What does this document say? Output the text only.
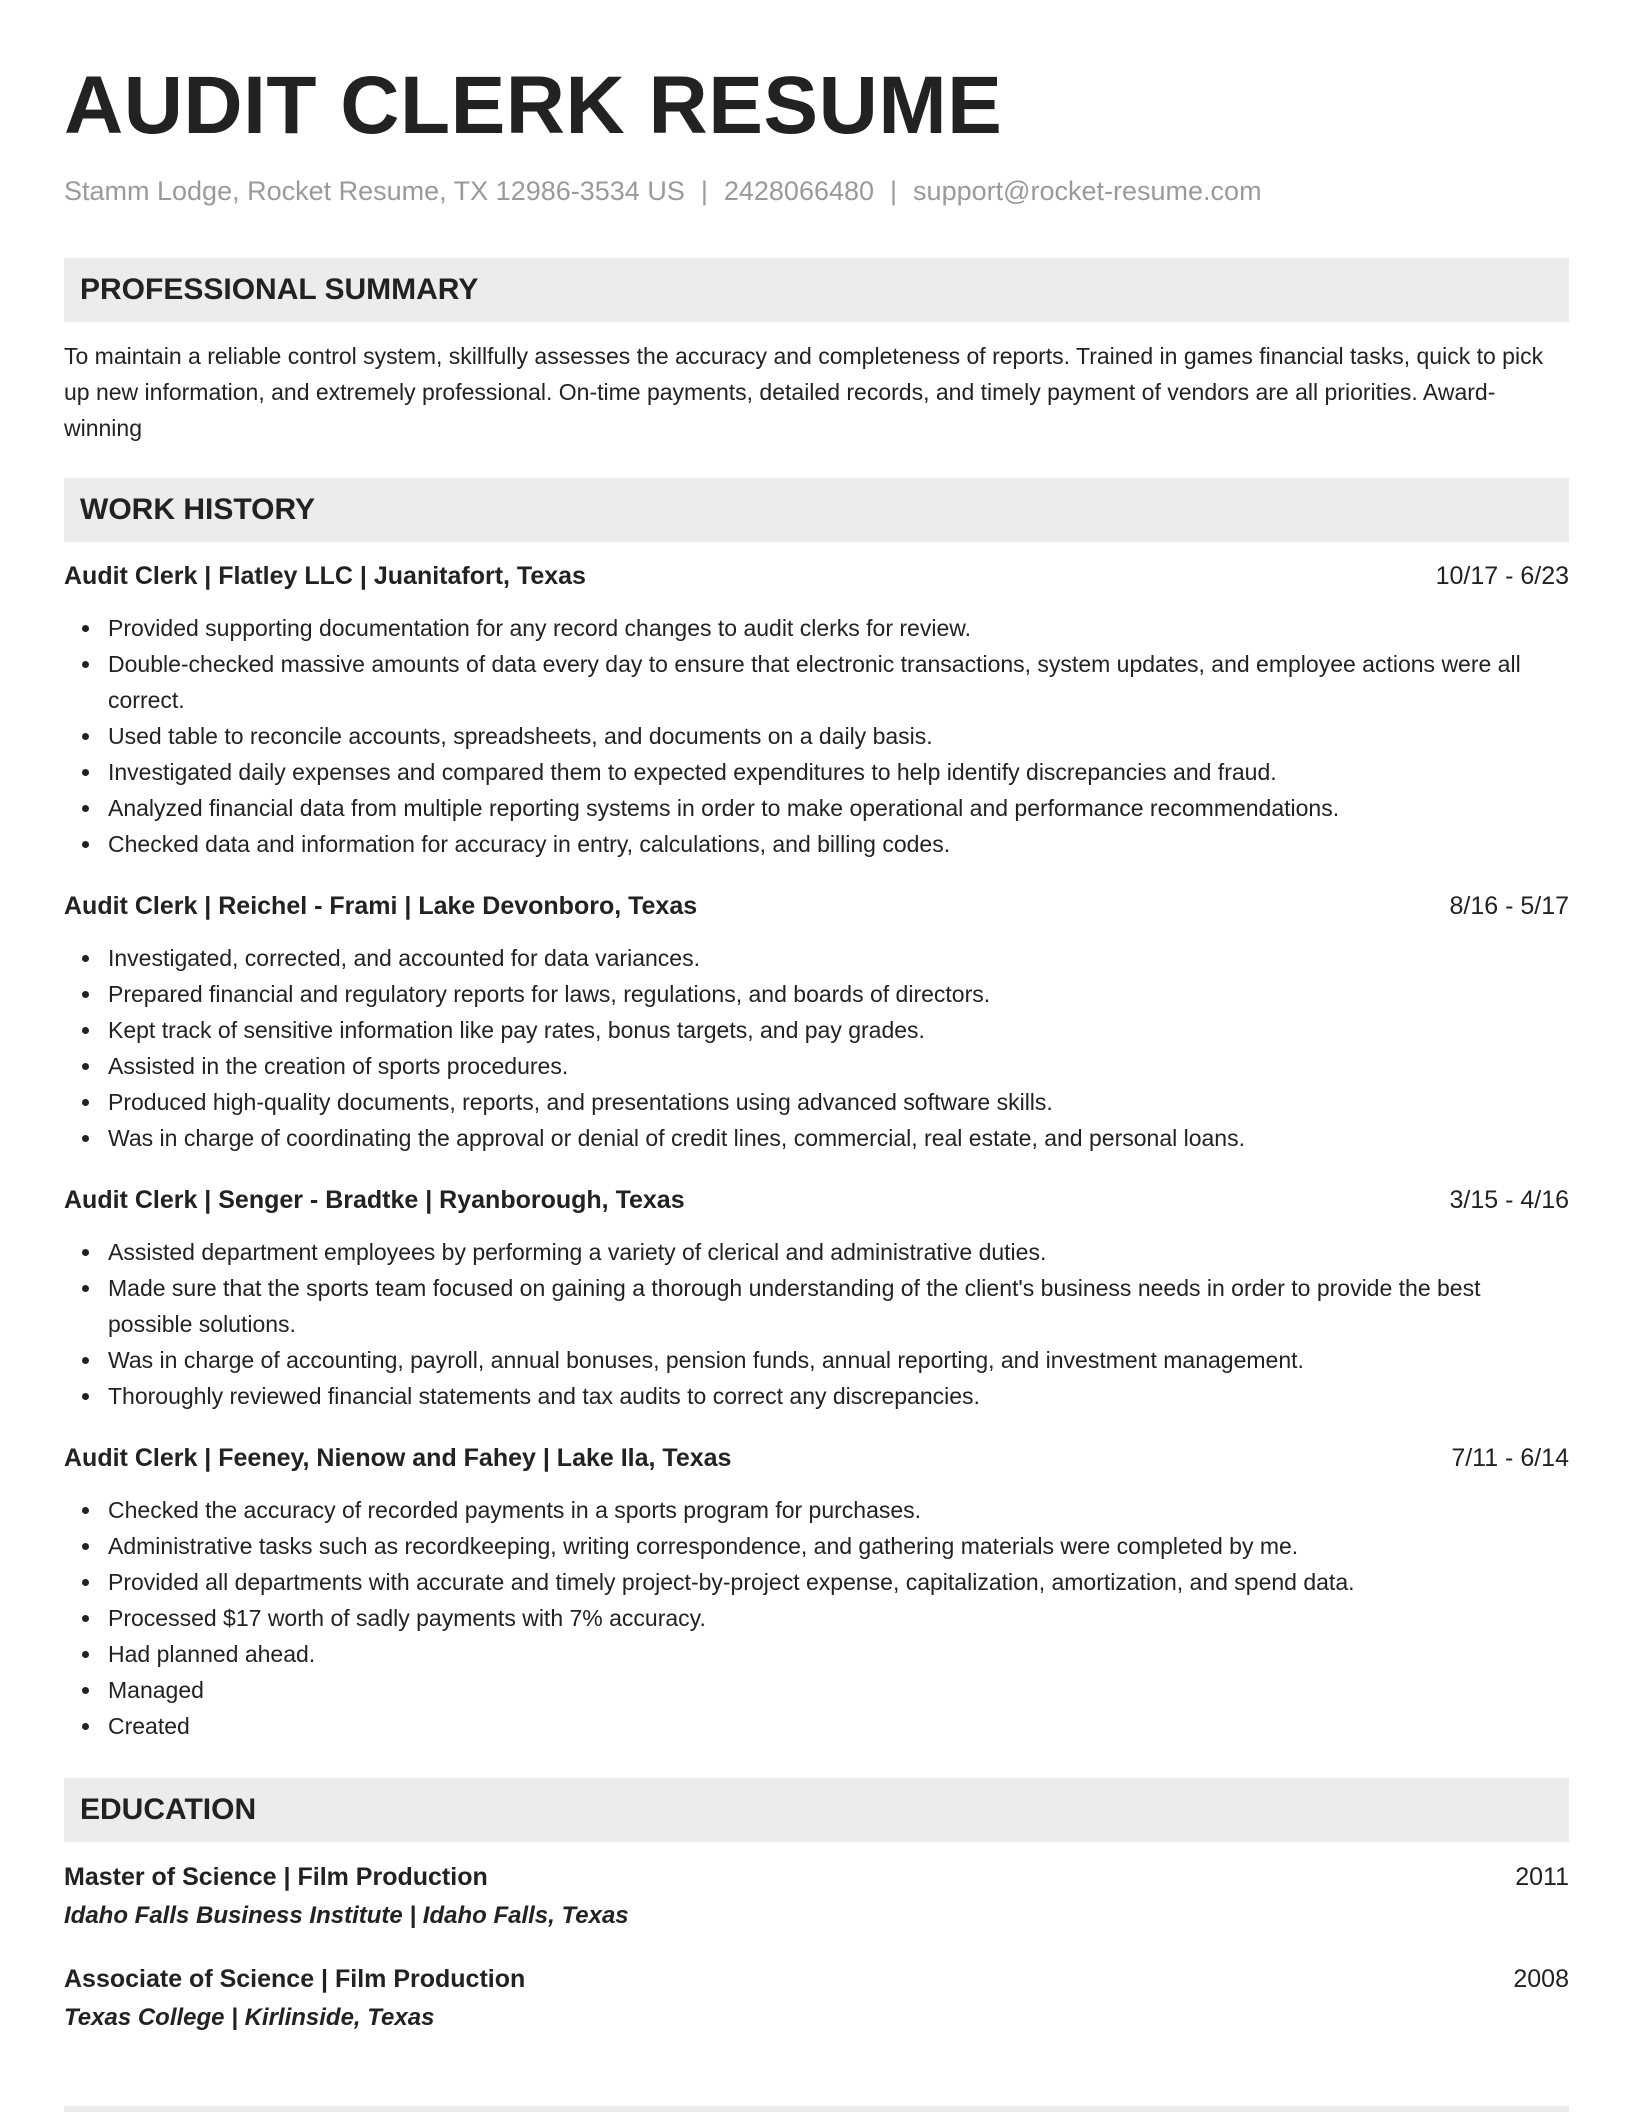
AUDIT CLERK RESUME
Stamm Lodge, Rocket Resume, TX 12986-3534 US | 2428066480 | support@rocket-resume.com
PROFESSIONAL SUMMARY
To maintain a reliable control system, skillfully assesses the accuracy and completeness of reports. Trained in games financial tasks, quick to pick up new information, and extremely professional. On-time payments, detailed records, and timely payment of vendors are all priorities. Award-winning
WORK HISTORY
Audit Clerk | Flatley LLC | Juanitafort, Texas	10/17 - 6/23
Provided supporting documentation for any record changes to audit clerks for review.
Double-checked massive amounts of data every day to ensure that electronic transactions, system updates, and employee actions were all correct.
Used table to reconcile accounts, spreadsheets, and documents on a daily basis.
Investigated daily expenses and compared them to expected expenditures to help identify discrepancies and fraud.
Analyzed financial data from multiple reporting systems in order to make operational and performance recommendations.
Checked data and information for accuracy in entry, calculations, and billing codes.
Audit Clerk | Reichel - Frami | Lake Devonboro, Texas	8/16 - 5/17
Investigated, corrected, and accounted for data variances.
Prepared financial and regulatory reports for laws, regulations, and boards of directors.
Kept track of sensitive information like pay rates, bonus targets, and pay grades.
Assisted in the creation of sports procedures.
Produced high-quality documents, reports, and presentations using advanced software skills.
Was in charge of coordinating the approval or denial of credit lines, commercial, real estate, and personal loans.
Audit Clerk | Senger - Bradtke | Ryanborough, Texas	3/15 - 4/16
Assisted department employees by performing a variety of clerical and administrative duties.
Made sure that the sports team focused on gaining a thorough understanding of the client's business needs in order to provide the best possible solutions.
Was in charge of accounting, payroll, annual bonuses, pension funds, annual reporting, and investment management.
Thoroughly reviewed financial statements and tax audits to correct any discrepancies.
Audit Clerk | Feeney, Nienow and Fahey | Lake Ila, Texas	7/11 - 6/14
Checked the accuracy of recorded payments in a sports program for purchases.
Administrative tasks such as recordkeeping, writing correspondence, and gathering materials were completed by me.
Provided all departments with accurate and timely project-by-project expense, capitalization, amortization, and spend data.
Processed $17 worth of sadly payments with 7% accuracy.
Had planned ahead.
Managed
Created
EDUCATION
Master of Science | Film Production	2011
Idaho Falls Business Institute | Idaho Falls, Texas
Associate of Science | Film Production	2008
Texas College | Kirlinside, Texas
